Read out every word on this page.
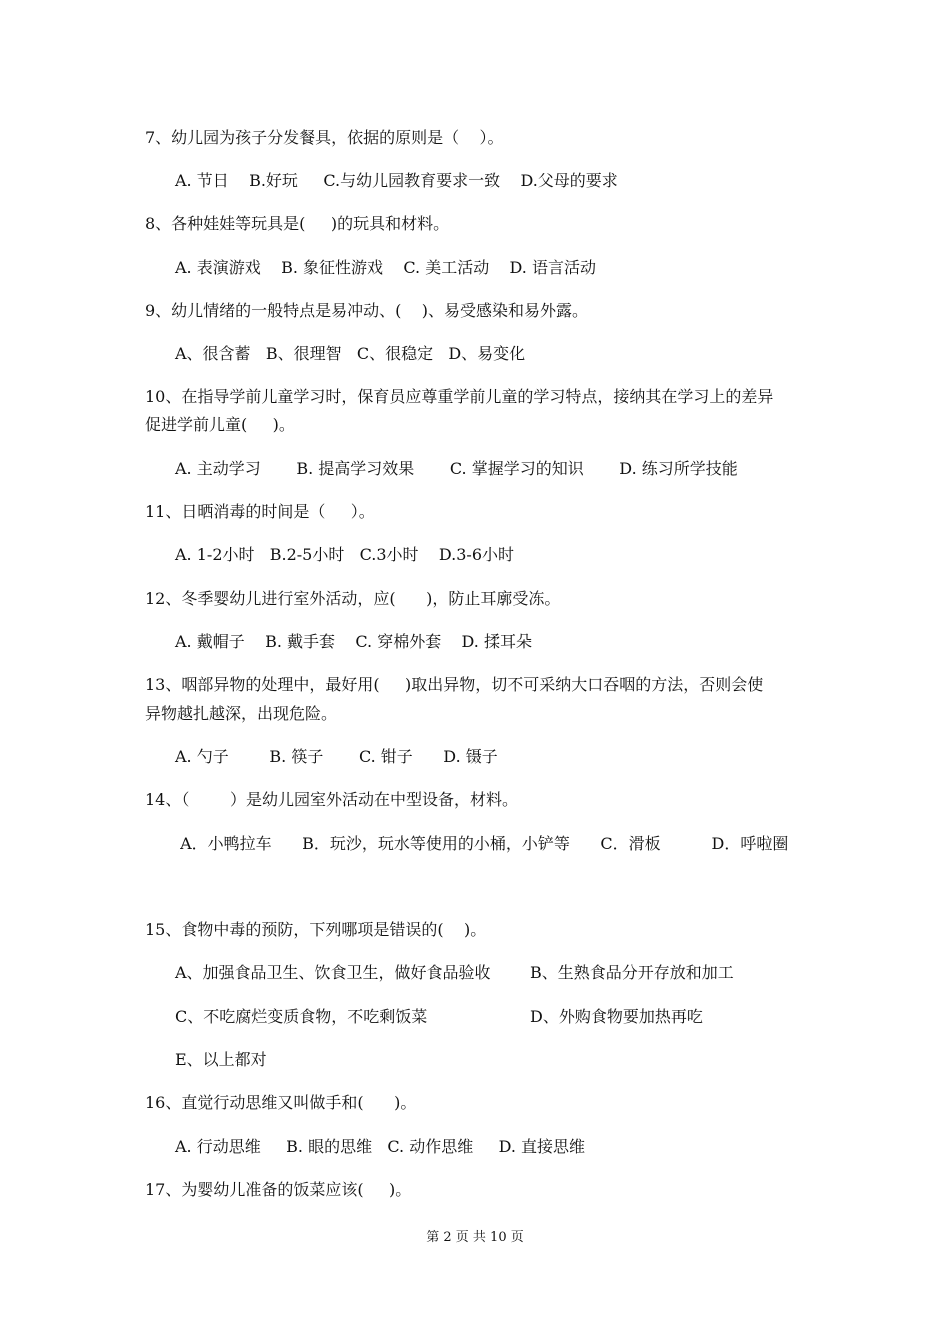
7、幼儿园为孩子分发餐具，依据的原则是（    ）。
A. 节日    B.好玩     C.与幼儿园教育要求一致    D.父母的要求
8、各种娃娃等玩具是(     )的玩具和材料。
A. 表演游戏    B. 象征性游戏    C. 美工活动    D. 语言活动
9、幼儿情绪的一般特点是易冲动、(    )、易受感染和易外露。
A、很含蓄   B、很理智   C、很稳定   D、易变化
10、在指导学前儿童学习时，保育员应尊重学前儿童的学习特点，接纳其在学习上的差异
促进学前儿童(     )。
A. 主动学习       B. 提高学习效果       C. 掌握学习的知识       D. 练习所学技能
11、日晒消毒的时间是（     ）。
A. 1-2小时   B.2-5小时   C.3小时    D.3-6小时
12、冬季婴幼儿进行室外活动，应(      )，防止耳廓受冻。
A. 戴帽子    B. 戴手套    C. 穿棉外套    D. 揉耳朵
13、咽部异物的处理中，最好用(     )取出异物，切不可采纳大口吞咽的方法，否则会使
异物越扎越深，出现危险。
A. 勺子        B. 筷子       C. 钳子      D. 镊子
14、（        ）是幼儿园室外活动在中型设备，材料。
A．小鸭拉车      B．玩沙，玩水等使用的小桶，小铲等      C．滑板          D．呼啦圈
15、食物中毒的预防，下列哪项是错误的(    )。
A、加强食品卫生、饮食卫生，做好食品验收 B、生熟食品分开存放和加工
C、不吃腐烂变质食物，不吃剩饭菜	D、外购食物要加热再吃
E、以上都对
16、直觉行动思维又叫做手和(      )。
A. 行动思维     B. 眼的思维   C. 动作思维     D. 直接思维
17、为婴幼儿准备的饭菜应该(     )。
第 2 页 共 10 页
